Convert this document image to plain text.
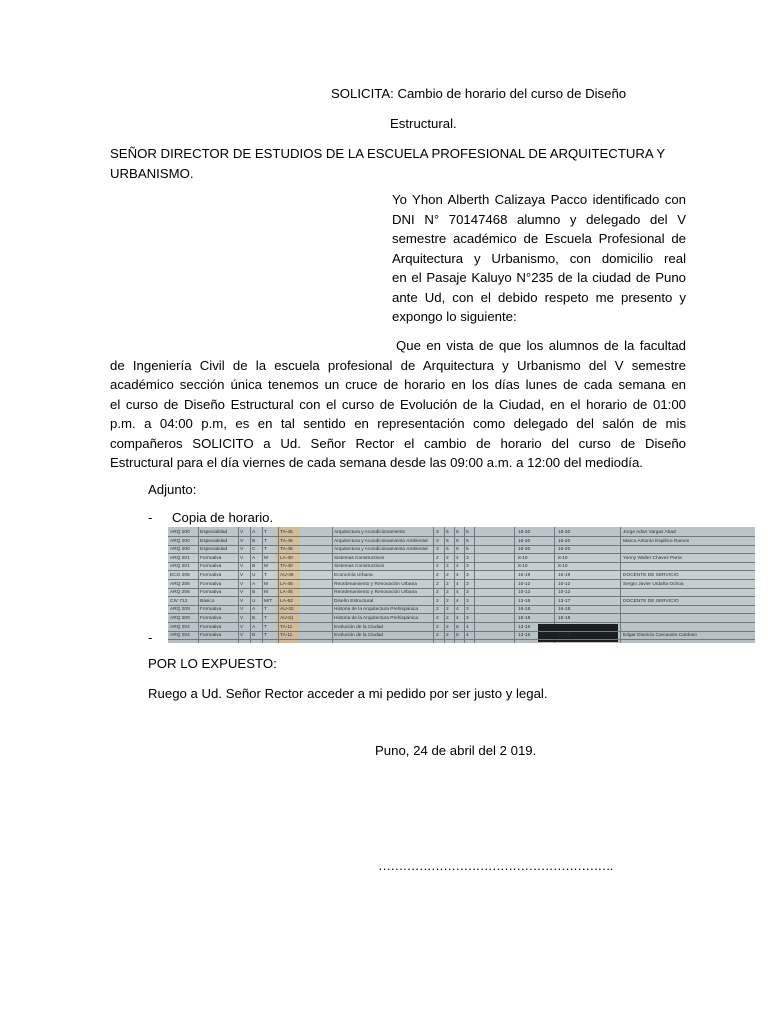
SOLICITA: Cambio de horario del curso de Diseño
Estructural.
SEÑOR DIRECTOR DE ESTUDIOS DE LA ESCUELA PROFESIONAL DE ARQUITECTURA Y
URBANISMO.
Yo Yhon Alberth Calizaya Pacco identificado con
DNI N° 70147468 alumno y delegado del V
semestre académico de Escuela Profesional de
Arquitectura y Urbanismo, con domicilio real
en el Pasaje Kaluyo N°235 de la ciudad de Puno
ante Ud, con el debido respeto me presento y
expongo lo siguiente:
Que en vista de que los alumnos de la facultad
de Ingeniería Civil de la escuela profesional de Arquitectura y Urbanismo del V semestre
académico sección única tenemos un cruce de horario en los días lunes de cada semana en
el curso de Diseño Estructural con el curso de Evolución de la Ciudad, en el horario de 01:00
p.m. a 04:00 p.m, es en tal sentido en representación como delegado del salón de mis
compañeros SOLICITO a Ud. Señor Rector el cambio de horario del curso de Diseño
Estructural para el día viernes de cada semana desde las 09:00 a.m. a 12:00 del mediodía.
Adjunto:
- Copia de horario.
ARQ 200 Especialidad	V A T	TA-46	Arquitectura y Acondicionamiento	3 6 6 5	16-30	16-30	Jorge Adan Vargas Abad
ARQ 200 Especialidad	V B T	TA-46	Arquitectura y Acondicionamiento Ambiental 3 6 6 5	16-30	16-20	Marco Antonio Espillico Ramos
ARQ 200 Especialidad	V C T	TA-46	Arquitectura y Acondicionamiento Ambiental 3 6 6 5	16-30	16-20
ARQ 201 Formativa	V A M	LA-40	Sistemas Constructivos	2 2 4 3	8-10	8-10	Yonny Walter Chavez Parra
ARQ 201 Formativa	V B M	TA-40	Sistemas Constructivos	2 2 4 3	8-10	8-10
ECO 205 Formativa	V U T	AU-46	Economía Urbana	2 2 4 3	16-19	16-19	DOCENTE DE SERVICIO
ARQ 206 Formativa	V A M	LA-45	Reordenamiento y Renovación Urbana	2 2 4 3	10-12	10-12	Sergio Javier Urdaña Ochoa
ARQ 206 Formativa	V B M	LA-45	Reordenamiento y Renovación Urbana	2 2 4 3	10-12	10-12
CIV 713	Básico	V U M/T LA-62	Diseño Estructural	2 2 4 3	13-16	13-17	DOCENTE DE SERVICIO
ARQ 209 Formativa	V A T	AU-42	Historia de la Arquitectura Prehispánica	2 2 4 3	16-18	16-18
ARQ 209 Formativa	V B T	AU-61	Historia de la Arquitectura Prehispánica	2 2 4 3	16-18	16-18
ARQ 204 Formativa	V A T	TA-11	Evolución de la Ciudad	2 2 5 4	13-16
ARQ 204 Formativa	V B T	TA-11	Evolución de la Ciudad	2 2 5 4	13-16	13-15	Edgar Dionicio Carcausto Cardoso
-
POR LO EXPUESTO:
Ruego a Ud. Señor Rector acceder a mi pedido por ser justo y legal.
Puno, 24 de abril del 2 019.
………………………………………………….
